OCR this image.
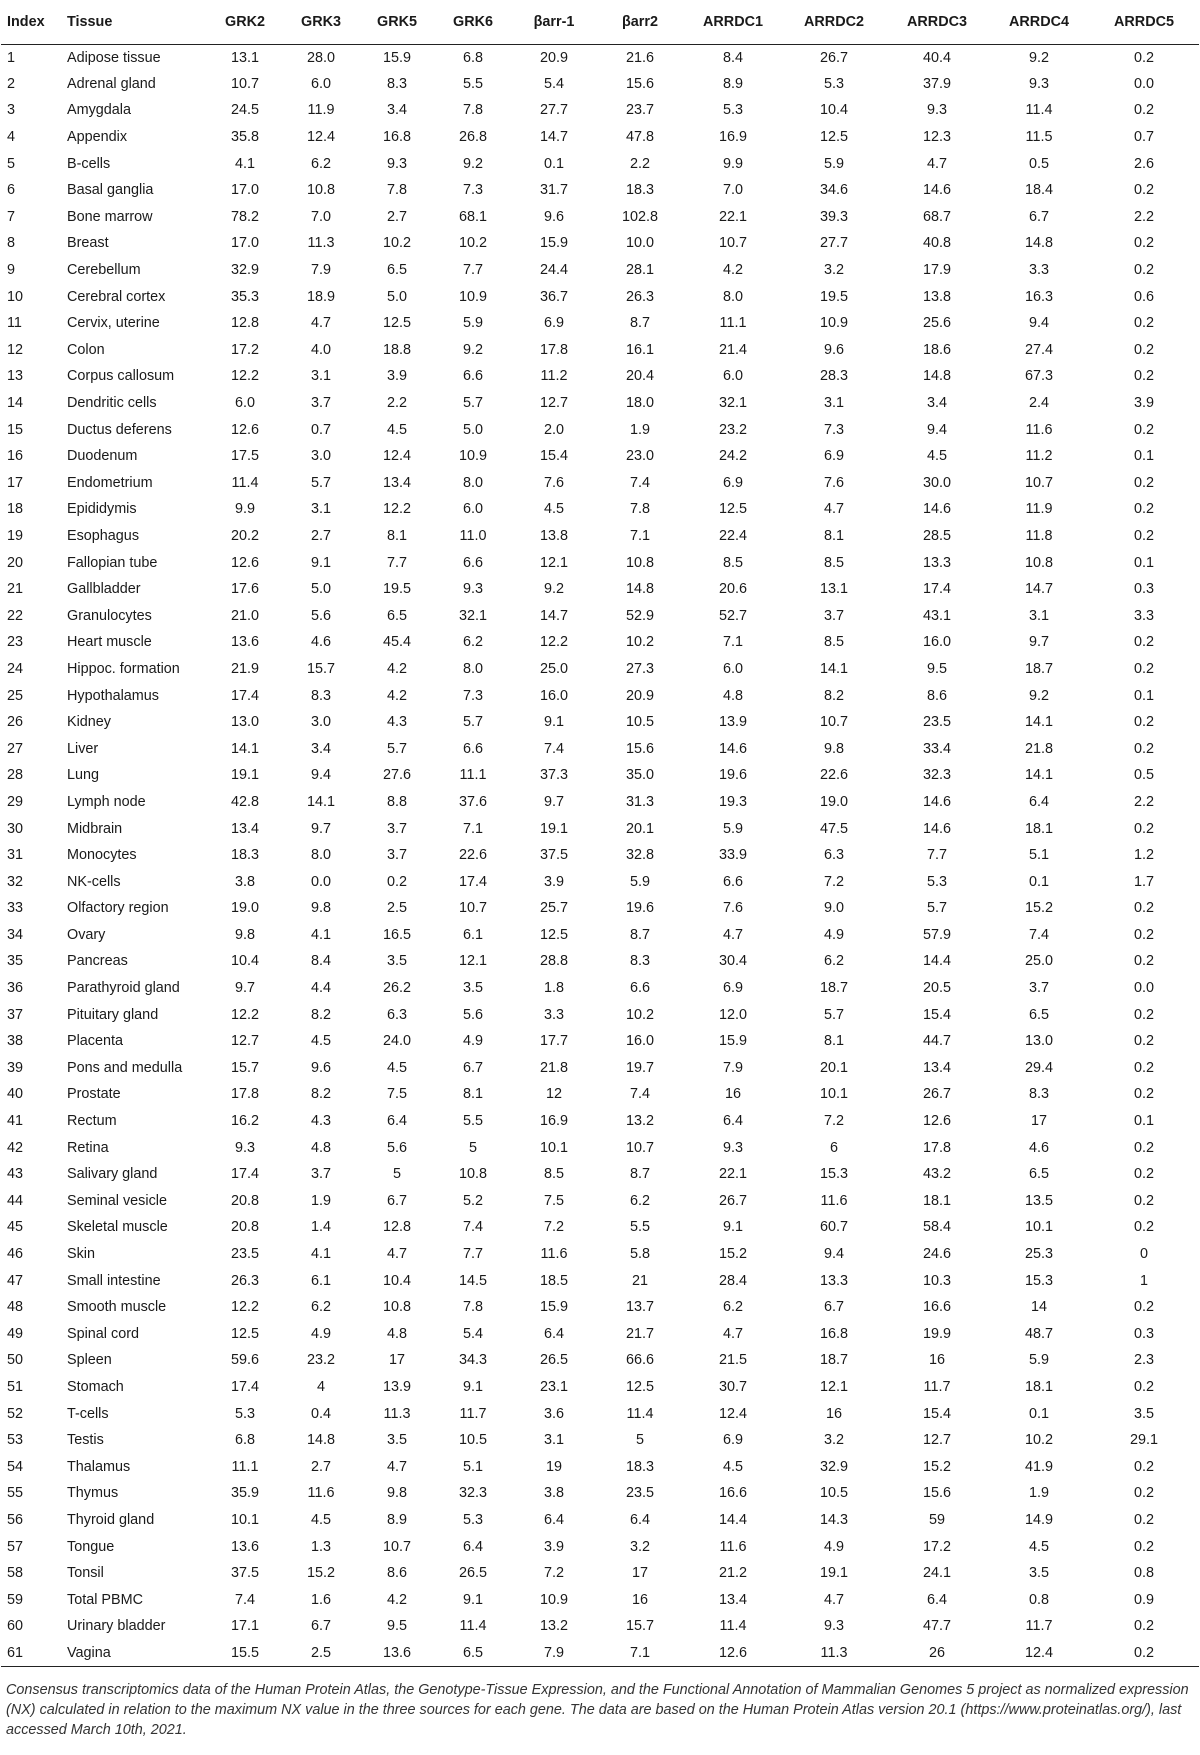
Index	Tissue	GRK2	GRK3	GRK5	GRK6	βarr-1	βarr2	ARRDC1	ARRDC2	ARRDC3	ARRDC4	ARRDC5
1	Adipose tissue	13.1	28.0	15.9	6.8	20.9	21.6	8.4	26.7	40.4	9.2	0.2
2	Adrenal gland	10.7	6.0	8.3	5.5	5.4	15.6	8.9	5.3	37.9	9.3	0.0
3	Amygdala	24.5	11.9	3.4	7.8	27.7	23.7	5.3	10.4	9.3	11.4	0.2
4	Appendix	35.8	12.4	16.8	26.8	14.7	47.8	16.9	12.5	12.3	11.5	0.7
5	B-cells	4.1	6.2	9.3	9.2	0.1	2.2	9.9	5.9	4.7	0.5	2.6
6	Basal ganglia	17.0	10.8	7.8	7.3	31.7	18.3	7.0	34.6	14.6	18.4	0.2
7	Bone marrow	78.2	7.0	2.7	68.1	9.6	102.8	22.1	39.3	68.7	6.7	2.2
8	Breast	17.0	11.3	10.2	10.2	15.9	10.0	10.7	27.7	40.8	14.8	0.2
9	Cerebellum	32.9	7.9	6.5	7.7	24.4	28.1	4.2	3.2	17.9	3.3	0.2
10	Cerebral cortex	35.3	18.9	5.0	10.9	36.7	26.3	8.0	19.5	13.8	16.3	0.6
11	Cervix, uterine	12.8	4.7	12.5	5.9	6.9	8.7	11.1	10.9	25.6	9.4	0.2
12	Colon	17.2	4.0	18.8	9.2	17.8	16.1	21.4	9.6	18.6	27.4	0.2
13	Corpus callosum	12.2	3.1	3.9	6.6	11.2	20.4	6.0	28.3	14.8	67.3	0.2
14	Dendritic cells	6.0	3.7	2.2	5.7	12.7	18.0	32.1	3.1	3.4	2.4	3.9
15	Ductus deferens	12.6	0.7	4.5	5.0	2.0	1.9	23.2	7.3	9.4	11.6	0.2
16	Duodenum	17.5	3.0	12.4	10.9	15.4	23.0	24.2	6.9	4.5	11.2	0.1
17	Endometrium	11.4	5.7	13.4	8.0	7.6	7.4	6.9	7.6	30.0	10.7	0.2
18	Epididymis	9.9	3.1	12.2	6.0	4.5	7.8	12.5	4.7	14.6	11.9	0.2
19	Esophagus	20.2	2.7	8.1	11.0	13.8	7.1	22.4	8.1	28.5	11.8	0.2
20	Fallopian tube	12.6	9.1	7.7	6.6	12.1	10.8	8.5	8.5	13.3	10.8	0.1
21	Gallbladder	17.6	5.0	19.5	9.3	9.2	14.8	20.6	13.1	17.4	14.7	0.3
22	Granulocytes	21.0	5.6	6.5	32.1	14.7	52.9	52.7	3.7	43.1	3.1	3.3
23	Heart muscle	13.6	4.6	45.4	6.2	12.2	10.2	7.1	8.5	16.0	9.7	0.2
24	Hippoc. formation	21.9	15.7	4.2	8.0	25.0	27.3	6.0	14.1	9.5	18.7	0.2
25	Hypothalamus	17.4	8.3	4.2	7.3	16.0	20.9	4.8	8.2	8.6	9.2	0.1
26	Kidney	13.0	3.0	4.3	5.7	9.1	10.5	13.9	10.7	23.5	14.1	0.2
27	Liver	14.1	3.4	5.7	6.6	7.4	15.6	14.6	9.8	33.4	21.8	0.2
28	Lung	19.1	9.4	27.6	11.1	37.3	35.0	19.6	22.6	32.3	14.1	0.5
29	Lymph node	42.8	14.1	8.8	37.6	9.7	31.3	19.3	19.0	14.6	6.4	2.2
30	Midbrain	13.4	9.7	3.7	7.1	19.1	20.1	5.9	47.5	14.6	18.1	0.2
31	Monocytes	18.3	8.0	3.7	22.6	37.5	32.8	33.9	6.3	7.7	5.1	1.2
32	NK-cells	3.8	0.0	0.2	17.4	3.9	5.9	6.6	7.2	5.3	0.1	1.7
33	Olfactory region	19.0	9.8	2.5	10.7	25.7	19.6	7.6	9.0	5.7	15.2	0.2
34	Ovary	9.8	4.1	16.5	6.1	12.5	8.7	4.7	4.9	57.9	7.4	0.2
35	Pancreas	10.4	8.4	3.5	12.1	28.8	8.3	30.4	6.2	14.4	25.0	0.2
36	Parathyroid gland	9.7	4.4	26.2	3.5	1.8	6.6	6.9	18.7	20.5	3.7	0.0
37	Pituitary gland	12.2	8.2	6.3	5.6	3.3	10.2	12.0	5.7	15.4	6.5	0.2
38	Placenta	12.7	4.5	24.0	4.9	17.7	16.0	15.9	8.1	44.7	13.0	0.2
39	Pons and medulla	15.7	9.6	4.5	6.7	21.8	19.7	7.9	20.1	13.4	29.4	0.2
40	Prostate	17.8	8.2	7.5	8.1	12	7.4	16	10.1	26.7	8.3	0.2
41	Rectum	16.2	4.3	6.4	5.5	16.9	13.2	6.4	7.2	12.6	17	0.1
42	Retina	9.3	4.8	5.6	5	10.1	10.7	9.3	6	17.8	4.6	0.2
43	Salivary gland	17.4	3.7	5	10.8	8.5	8.7	22.1	15.3	43.2	6.5	0.2
44	Seminal vesicle	20.8	1.9	6.7	5.2	7.5	6.2	26.7	11.6	18.1	13.5	0.2
45	Skeletal muscle	20.8	1.4	12.8	7.4	7.2	5.5	9.1	60.7	58.4	10.1	0.2
46	Skin	23.5	4.1	4.7	7.7	11.6	5.8	15.2	9.4	24.6	25.3	0
47	Small intestine	26.3	6.1	10.4	14.5	18.5	21	28.4	13.3	10.3	15.3	1
48	Smooth muscle	12.2	6.2	10.8	7.8	15.9	13.7	6.2	6.7	16.6	14	0.2
49	Spinal cord	12.5	4.9	4.8	5.4	6.4	21.7	4.7	16.8	19.9	48.7	0.3
50	Spleen	59.6	23.2	17	34.3	26.5	66.6	21.5	18.7	16	5.9	2.3
51	Stomach	17.4	4	13.9	9.1	23.1	12.5	30.7	12.1	11.7	18.1	0.2
52	T-cells	5.3	0.4	11.3	11.7	3.6	11.4	12.4	16	15.4	0.1	3.5
53	Testis	6.8	14.8	3.5	10.5	3.1	5	6.9	3.2	12.7	10.2	29.1
54	Thalamus	11.1	2.7	4.7	5.1	19	18.3	4.5	32.9	15.2	41.9	0.2
55	Thymus	35.9	11.6	9.8	32.3	3.8	23.5	16.6	10.5	15.6	1.9	0.2
56	Thyroid gland	10.1	4.5	8.9	5.3	6.4	6.4	14.4	14.3	59	14.9	0.2
57	Tongue	13.6	1.3	10.7	6.4	3.9	3.2	11.6	4.9	17.2	4.5	0.2
58	Tonsil	37.5	15.2	8.6	26.5	7.2	17	21.2	19.1	24.1	3.5	0.8
59	Total PBMC	7.4	1.6	4.2	9.1	10.9	16	13.4	4.7	6.4	0.8	0.9
60	Urinary bladder	17.1	6.7	9.5	11.4	13.2	15.7	11.4	9.3	47.7	11.7	0.2
61	Vagina	15.5	2.5	13.6	6.5	7.9	7.1	12.6	11.3	26	12.4	0.2

Consensus transcriptomics data of the Human Protein Atlas, the Genotype-Tissue Expression, and the Functional Annotation of Mammalian Genomes 5 project as normalized expression (NX) calculated in relation to the maximum NX value in the three sources for each gene. The data are based on the Human Protein Atlas version 20.1 (https://www.proteinatlas.org/), last accessed March 10th, 2021.
